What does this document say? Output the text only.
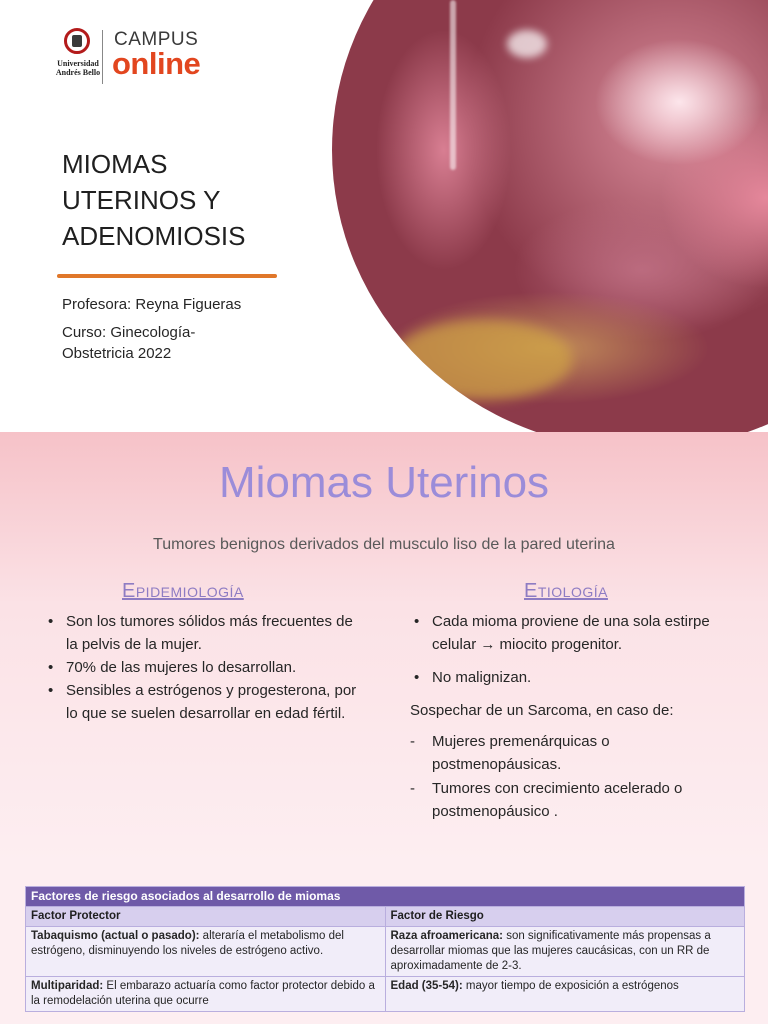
Universidad
Andrés Bello
CAMPUS
online
MIOMAS
UTERINOS Y
ADENOMIOSIS
Profesora: Reyna Figueras
Curso: Ginecología-
Obstetricia 2022
Miomas Uterinos
Tumores benignos derivados del musculo liso de la pared uterina
Epidemiología
• Son los tumores sólidos más frecuentes de la pelvis de la mujer.
• 70% de las mujeres lo desarrollan.
• Sensibles a estrógenos y progesterona, por lo que se suelen desarrollar en edad fértil.
Etiología
• Cada mioma proviene de una sola estirpe celular → miocito progenitor.
• No malignizan.
Sospechar de un Sarcoma, en caso de:
- Mujeres premenárquicas o postmenopáusicas.
- Tumores con crecimiento acelerado o postmenopáusico .
Factores de riesgo asociados al desarrollo de miomas	
Factor Protector	Factor de Riesgo
Tabaquismo (actual o pasado): alteraría el metabolismo del estrógeno, disminuyendo los niveles de estrógeno activo.	Raza afroamericana: son significativamente más propensas a desarrollar miomas que las mujeres caucásicas, con un RR de aproximadamente de 2-3.
Multiparidad: El embarazo actuaría como factor protector debido a la remodelación uterina que ocurre	Edad (35-54): mayor tiempo de exposición a estrógenos
